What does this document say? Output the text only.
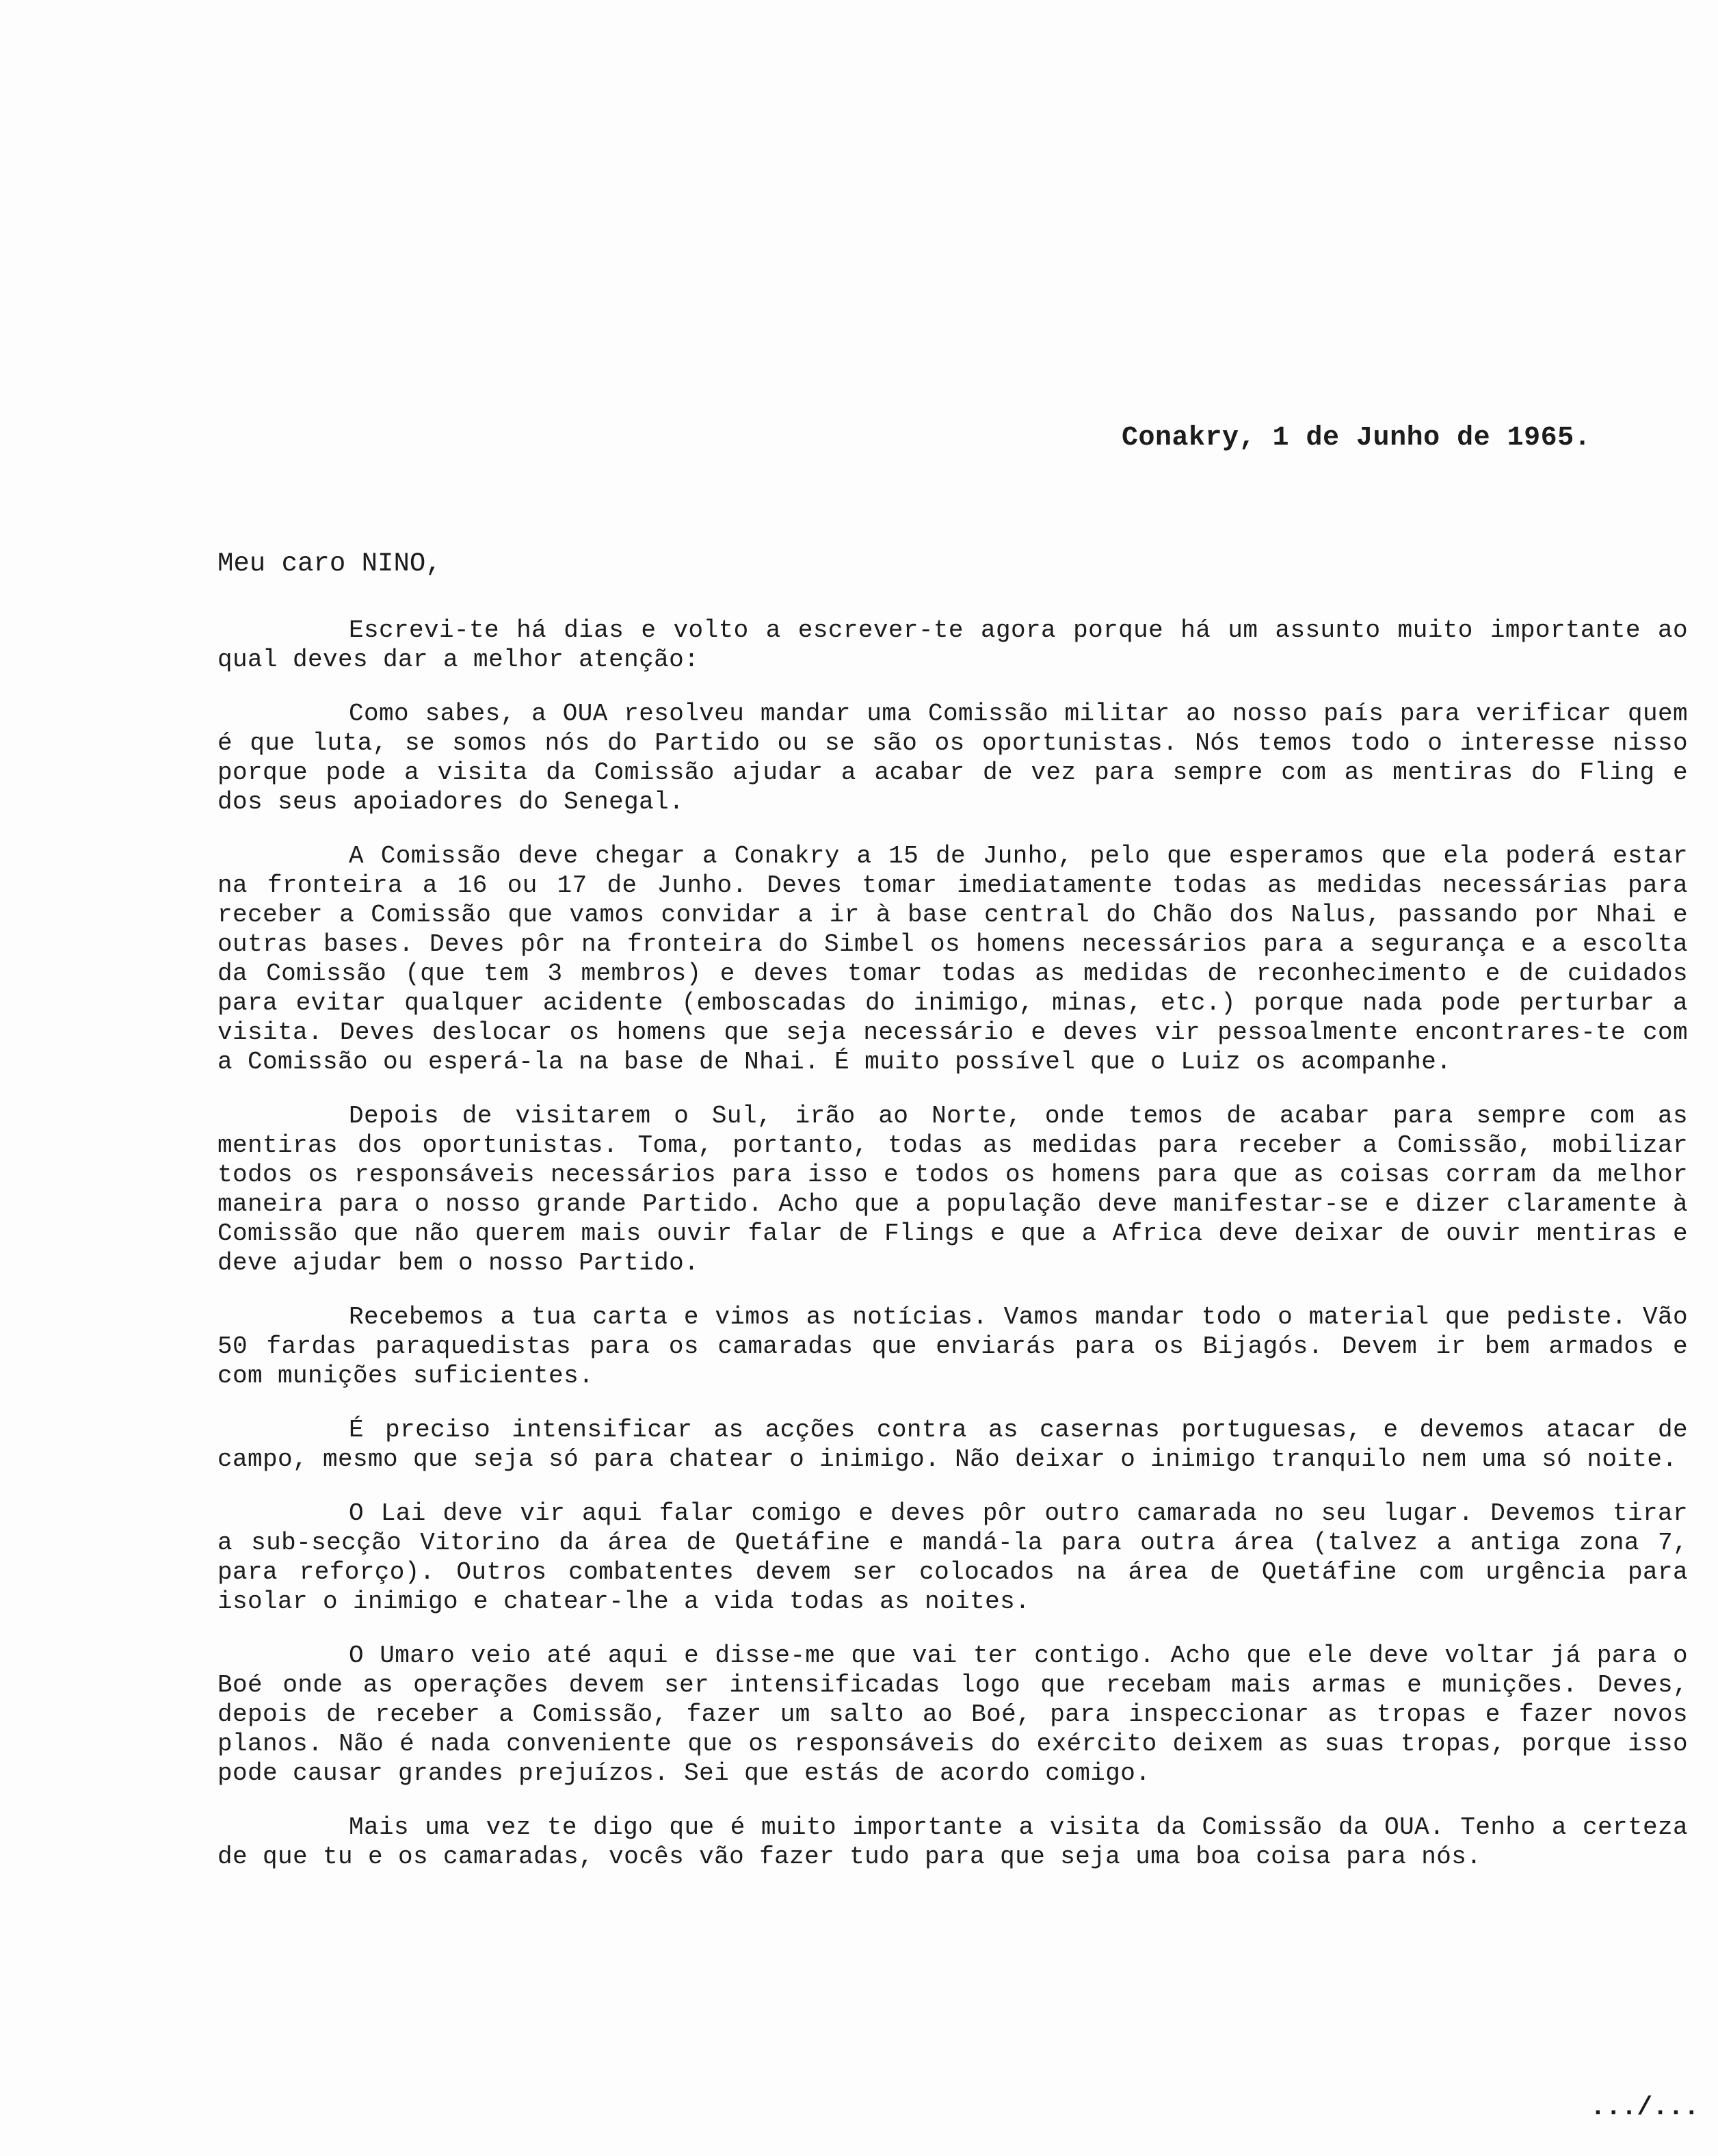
Conakry, 1 de Junho de 1965.
Meu caro NINO,

Escrevi-te há dias e volto a escrever-te agora porque há um assunto muito importante ao qual deves dar a melhor atenção:

Como sabes, a OUA resolveu mandar uma Comissão militar ao nosso país para verificar quem é que luta, se somos nós do Partido ou se são os oportunistas. Nós temos todo o interesse nisso porque pode a visita da Comissão ajudar a acabar de vez para sempre com as mentiras do Fling e dos seus apoiadores do Senegal.

A Comissão deve chegar a Conakry a 15 de Junho, pelo que esperamos que ela poderá estar na fronteira a 16 ou 17 de Junho. Deves tomar imediatamente todas as medidas necessárias para receber a Comissão que vamos convidar a ir à base central do Chão dos Nalus, passando por Nhai e outras bases. Deves pôr na fronteira do Simbel os homens necessários para a segurança e a escolta da Comissão (que tem 3 membros) e deves tomar todas as medidas de reconhecimento e de cuidados para evitar qualquer acidente (emboscadas do inimigo, minas, etc.) porque nada pode perturbar a visita. Deves deslocar os homens que seja necessário e deves vir pessoalmente encontrares-te com a Comissão ou esperá-la na base de Nhai. É muito possível que o Luiz os acompanhe.

Depois de visitarem o Sul, irão ao Norte, onde temos de acabar para sempre com as mentiras dos oportunistas. Toma, portanto, todas as medidas para receber a Comissão, mobilizar todos os responsáveis necessários para isso e todos os homens para que as coisas corram da melhor maneira para o nosso grande Partido. Acho que a população deve manifestar-se e dizer claramente à Comissão que não querem mais ouvir falar de Flings e que a Africa deve deixar de ouvir mentiras e deve ajudar bem o nosso Partido.

Recebemos a tua carta e vimos as notícias. Vamos mandar todo o material que pediste. Vão 50 fardas paraquedistas para os camaradas que enviarás para os Bijagós. Devem ir bem armados e com munições suficientes.

É preciso intensificar as acções contra as casernas portuguesas, e devemos atacar de campo, mesmo que seja só para chatear o inimigo. Não deixar o inimigo tranquilo nem uma só noite.

O Lai deve vir aqui falar comigo e deves pôr outro camarada no seu lugar. Devemos tirar a sub-secção Vitorino da área de Quetáfine e mandá-la para outra área (talvez a antiga zona 7, para reforço). Outros combatentes devem ser colocados na área de Quetáfine com urgência para isolar o inimigo e chatear-lhe a vida todas as noites.

O Umaro veio até aqui e disse-me que vai ter contigo. Acho que ele deve voltar já para o Boé onde as operações devem ser intensificadas logo que recebam mais armas e munições. Deves, depois de receber a Comissão, fazer um salto ao Boé, para inspeccionar as tropas e fazer novos planos. Não é nada conveniente que os responsáveis do exército deixem as suas tropas, porque isso pode causar grandes prejuízos. Sei que estás de acordo comigo.

Mais uma vez te digo que é muito importante a visita da Comissão da OUA. Tenho a certeza de que tu e os camaradas, vocês vão fazer tudo para que seja uma boa coisa para nós.

.../...
